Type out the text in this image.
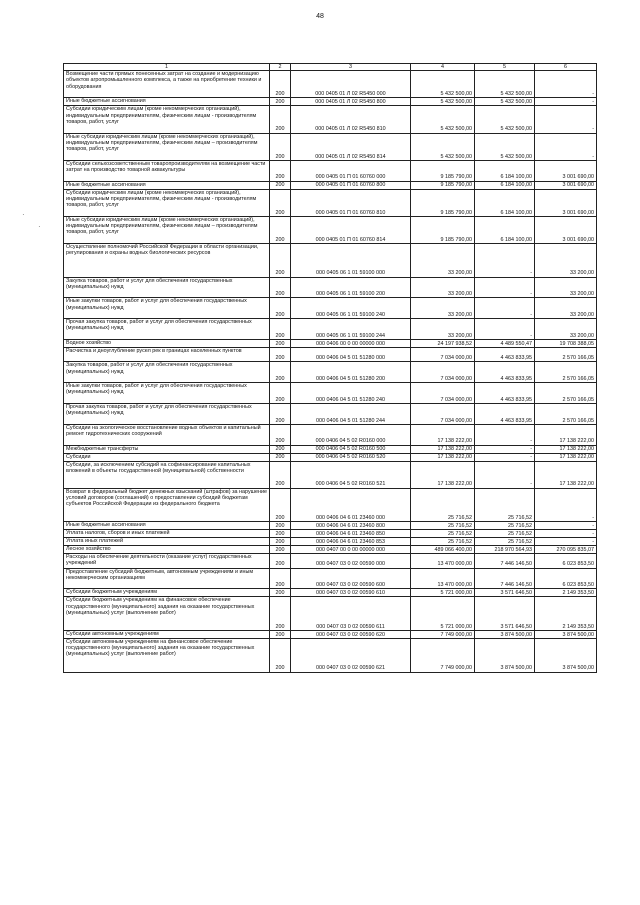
48
·
·
1	2	3	4	5	6
Возмещение части прямых понесенных затрат на создание и модернизацию объектов агропромышленного комплекса, а также на приобретение техники и оборудования	200	000 0405 01 Л 02 R5450 000	5 432 500,00	5 432 500,00	-
Иные бюджетные ассигнования	200	000 0405 01 Л 02 R5450 800	5 432 500,00	5 432 500,00	-
Субсидии юридическим лицам (кроме некоммерческих организаций), индивидуальным предпринимателям, физическим лицам - производителям товаров, работ, услуг	200	000 0405 01 Л 02 R5450 810	5 432 500,00	5 432 500,00	-
Иные субсидии юридическим лицам (кроме некоммерческих организаций), индивидуальным предпринимателям, физическим лицам – производителям товаров, работ, услуг	200	000 0405 01 Л 02 R5450 814	5 432 500,00	5 432 500,00	-
Субсидии сельхозсоветственным товаропроизводителям на возмещение части затрат на производство товарной аквакультуры	200	000 0405 01 П 01 60760 000	9 185 790,00	6 184 100,00	3 001 690,00
Иные бюджетные ассигнования	200	000 0405 01 П 01 60760 800	9 185 790,00	6 184 100,00	3 001 690,00
Субсидии юридическим лицам (кроме некоммерческих организаций), индивидуальным предпринимателям, физическим лицам - производителям товаров, работ, услуг	200	000 0405 01 П 01 60760 810	9 185 790,00	6 184 100,00	3 001 690,00
Иные субсидии юридическим лицам (кроме некоммерческих организаций), индивидуальным предпринимателям, физическим лицам – производителям товаров, работ, услуг	200	000 0405 01 П 01 60760 814	9 185 790,00	6 184 100,00	3 001 690,00
Осуществление полномочий Российской Федерации в области организации, регулирования и охраны водных биологических ресурсов	200	000 0405 06 1 01 59100 000	33 200,00	-	33 200,00
Закупка товаров, работ и услуг для обеспечения государственных (муниципальных) нужд	200	000 0405 06 1 01 59100 200	33 200,00	-	33 200,00
Иные закупки товаров, работ и услуг для обеспечения государственных (муниципальных) нужд	200	000 0405 06 1 01 59100 240	33 200,00	-	33 200,00
Прочая закупка товаров, работ и услуг для обеспечения государственных (муниципальных) нужд	200	000 0405 06 1 01 59100 244	33 200,00	-	33 200,00
Водное хозяйство	200	000 0406 00 0 00 00000 000	24 197 938,52	4 489 550,47	19 708 388,05
Расчистка и дноуглубление русел рек в границах населенных пунктов	200	000 0406 04 5 01 51280 000	7 034 000,00	4 463 833,95	2 570 166,05
Закупка товаров, работ и услуг для обеспечения государственных (муниципальных) нужд	200	000 0406 04 5 01 51280 200	7 034 000,00	4 463 833,95	2 570 166,05
Иные закупки товаров, работ и услуг для обеспечения государственных (муниципальных) нужд	200	000 0406 04 5 01 51280 240	7 034 000,00	4 463 833,95	2 570 166,05
Прочая закупка товаров, работ и услуг для обеспечения государственных (муниципальных) нужд	200	000 0406 04 5 01 51280 244	7 034 000,00	4 463 833,95	2 570 166,05
Субсидии на экологическое восстановление водных объектов и капитальный ремонт гидротехнических сооружений	200	000 0406 04 5 02 R0160 000	17 138 222,00	-	17 138 222,00
Межбюджетные трансферты	200	000 0406 04 5 02 R0160 500	17 138 222,00	-	17 138 222,00
Субсидии	200	000 0406 04 5 02 R0160 520	17 138 222,00	-	17 138 222,00
Субсидии, за исключением субсидий на софинансирование капитальных вложений в объекты государственной (муниципальной) собственности	200	000 0406 04 5 02 R0160 521	17 138 222,00	-	17 138 222,00
Возврат в федеральный бюджет денежных взысканий (штрафов) за нарушение условий договоров (соглашений) о предоставлении субсидий бюджетам субъектов Российской Федерации из федерального бюджета	200	000 0406 04 6 01 23460 000	25 716,52	25 716,52	-
Иные бюджетные ассигнования	200	000 0406 04 6 01 23460 800	25 716,52	25 716,52	-
Уплата налогов, сборов и иных платежей	200	000 0406 04 6 01 23460 850	25 716,52	25 716,52	-
Уплата иных платежей	200	000 0406 04 6 01 23460 853	25 716,52	25 716,52	-
Лесное хозяйство	200	000 0407 00 0 00 00000 000	489 066 400,00	218 970 564,93	270 095 835,07
Расходы на обеспечение деятельности (оказание услуг) государственных учреждений	200	000 0407 03 0 02 00590 000	13 470 000,00	7 446 146,50	6 023 853,50
Предоставление субсидий бюджетным, автономным учреждениям и иным некоммерческим организациям	200	000 0407 03 0 02 00590 600	13 470 000,00	7 446 146,50	6 023 853,50
Субсидии бюджетным учреждениям	200	000 0407 03 0 02 00590 610	5 721 000,00	3 571 646,50	2 149 353,50
Субсидии бюджетным учреждениям на финансовое обеспечение государственного (муниципального) задания на оказание государственных (муниципальных) услуг (выполнение работ)	200	000 0407 03 0 02 00590 611	5 721 000,00	3 571 646,50	2 149 353,50
Субсидии автономным учреждениям	200	000 0407 03 0 02 00590 620	7 749 000,00	3 874 500,00	3 874 500,00
Субсидии автономным учреждениям на финансовое обеспечение государственного (муниципального) задания на оказание государственных (муниципальных) услуг (выполнение работ)	200	000 0407 03 0 02 00590 621	7 749 000,00	3 874 500,00	3 874 500,00
